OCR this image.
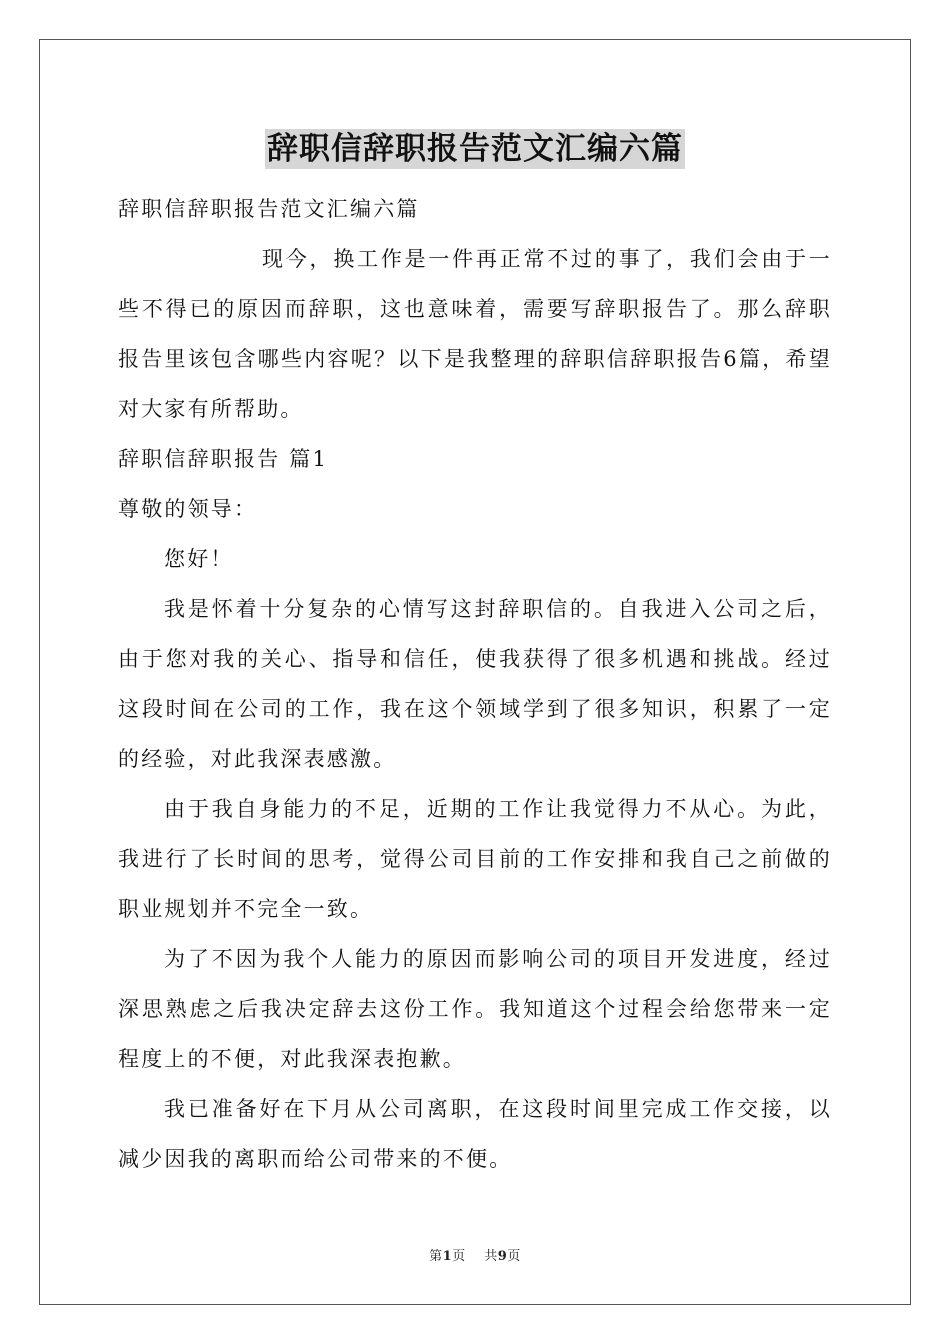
辞职信辞职报告范文汇编六篇

辞职信辞职报告范文汇编六篇

现今，换工作是一件再正常不过的事了，我们会由于一些不得已的原因而辞职，这也意味着，需要写辞职报告了。那么辞职报告里该包含哪些内容呢？以下是我整理的辞职信辞职报告6篇，希望对大家有所帮助。

辞职信辞职报告 篇1

尊敬的领导：

您好！

我是怀着十分复杂的心情写这封辞职信的。自我进入公司之后，由于您对我的关心、指导和信任，使我获得了很多机遇和挑战。经过这段时间在公司的工作，我在这个领域学到了很多知识，积累了一定的经验，对此我深表感激。

由于我自身能力的不足，近期的工作让我觉得力不从心。为此，我进行了长时间的思考，觉得公司目前的工作安排和我自己之前做的职业规划并不完全一致。

为了不因为我个人能力的原因而影响公司的项目开发进度，经过深思熟虑之后我决定辞去这份工作。我知道这个过程会给您带来一定程度上的不便，对此我深表抱歉。

我已准备好在下月从公司离职，在这段时间里完成工作交接，以减少因我的离职而给公司带来的不便。

第1页 共9页
